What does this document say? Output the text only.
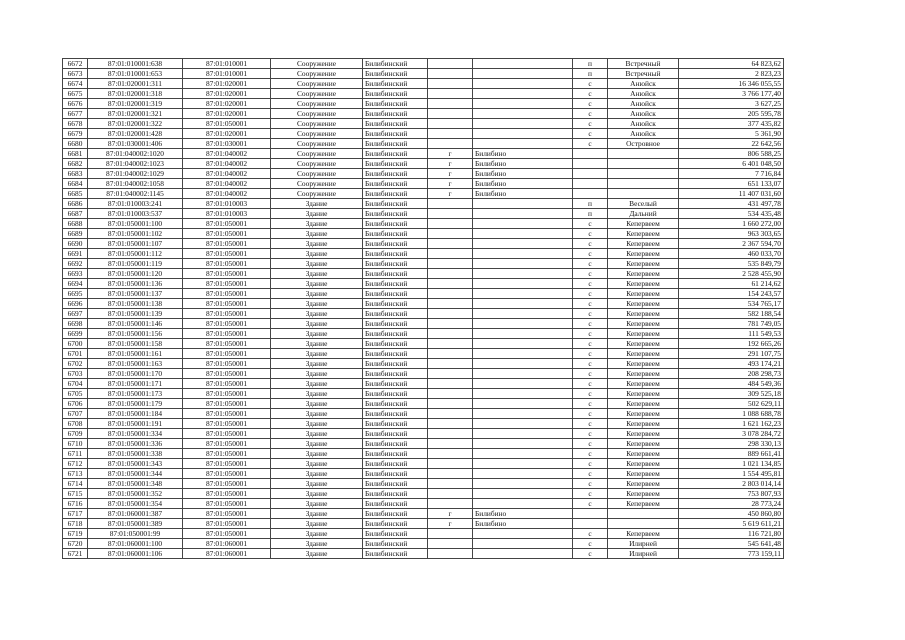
6672	87:01:010001:638	87:01:010001	Сооружение	Билибинский			п	Встречный	64 823,62
6673	87:01:010001:653	87:01:010001	Сооружение	Билибинский			п	Встречный	2 823,23
6674	87:01:020001:311	87:01:020001	Сооружение	Билибинский			с	Анюйск	16 346 055,55
6675	87:01:020001:318	87:01:020001	Сооружение	Билибинский			с	Анюйск	3 766 177,40
6676	87:01:020001:319	87:01:020001	Сооружение	Билибинский			с	Анюйск	3 627,25
6677	87:01:020001:321	87:01:020001	Сооружение	Билибинский			с	Анюйск	205 595,78
6678	87:01:020001:322	87:01:050001	Сооружение	Билибинский			с	Анюйск	377 435,82
6679	87:01:020001:428	87:01:020001	Сооружение	Билибинский			с	Анюйск	5 361,90
6680	87:01:030001:406	87:01:030001	Сооружение	Билибинский			с	Островное	22 642,56
6681	87:01:040002:1020	87:01:040002	Сооружение	Билибинский	г	Билибино			806 588,25
6682	87:01:040002:1023	87:01:040002	Сооружение	Билибинский	г	Билибино			6 401 048,50
6683	87:01:040002:1029	87:01:040002	Сооружение	Билибинский	г	Билибино			7 716,84
6684	87:01:040002:1058	87:01:040002	Сооружение	Билибинский	г	Билибино			651 133,07
6685	87:01:040002:1145	87:01:040002	Сооружение	Билибинский	г	Билибино			11 407 031,60
6686	87:01:010003:241	87:01:010003	Здание	Билибинский			п	Веселый	431 497,78
6687	87:01:010003:537	87:01:010003	Здание	Билибинский			п	Дальний	534 435,48
6688	87:01:050001:100	87:01:050001	Здание	Билибинский			с	Кепервеем	1 660 272,00
6689	87:01:050001:102	87:01:050001	Здание	Билибинский			с	Кепервеем	963 303,65
6690	87:01:050001:107	87:01:050001	Здание	Билибинский			с	Кепервеем	2 367 594,70
6691	87:01:050001:112	87:01:050001	Здание	Билибинский			с	Кепервеем	460 033,70
6692	87:01:050001:119	87:01:050001	Здание	Билибинский			с	Кепервеем	535 849,79
6693	87:01:050001:120	87:01:050001	Здание	Билибинский			с	Кепервеем	2 528 455,90
6694	87:01:050001:136	87:01:050001	Здание	Билибинский			с	Кепервеем	61 214,62
6695	87:01:050001:137	87:01:050001	Здание	Билибинский			с	Кепервеем	154 243,57
6696	87:01:050001:138	87:01:050001	Здание	Билибинский			с	Кепервеем	534 765,17
6697	87:01:050001:139	87:01:050001	Здание	Билибинский			с	Кепервеем	582 188,54
6698	87:01:050001:146	87:01:050001	Здание	Билибинский			с	Кепервеем	781 749,05
6699	87:01:050001:156	87:01:050001	Здание	Билибинский			с	Кепервеем	111 549,53
6700	87:01:050001:158	87:01:050001	Здание	Билибинский			с	Кепервеем	192 665,26
6701	87:01:050001:161	87:01:050001	Здание	Билибинский			с	Кепервеем	291 107,75
6702	87:01:050001:163	87:01:050001	Здание	Билибинский			с	Кепервеем	493 174,21
6703	87:01:050001:170	87:01:050001	Здание	Билибинский			с	Кепервеем	208 298,73
6704	87:01:050001:171	87:01:050001	Здание	Билибинский			с	Кепервеем	484 549,36
6705	87:01:050001:173	87:01:050001	Здание	Билибинский			с	Кепервеем	309 525,18
6706	87:01:050001:179	87:01:050001	Здание	Билибинский			с	Кепервеем	502 629,11
6707	87:01:050001:184	87:01:050001	Здание	Билибинский			с	Кепервеем	1 088 688,78
6708	87:01:050001:191	87:01:050001	Здание	Билибинский			с	Кепервеем	1 621 162,23
6709	87:01:050001:334	87:01:050001	Здание	Билибинский			с	Кепервеем	3 078 284,72
6710	87:01:050001:336	87:01:050001	Здание	Билибинский			с	Кепервеем	298 330,13
6711	87:01:050001:338	87:01:050001	Здание	Билибинский			с	Кепервеем	889 661,41
6712	87:01:050001:343	87:01:050001	Здание	Билибинский			с	Кепервеем	1 021 134,85
6713	87:01:050001:344	87:01:050001	Здание	Билибинский			с	Кепервеем	1 554 495,81
6714	87:01:050001:348	87:01:050001	Здание	Билибинский			с	Кепервеем	2 803 014,14
6715	87:01:050001:352	87:01:050001	Здание	Билибинский			с	Кепервеем	753 807,93
6716	87:01:050001:354	87:01:050001	Здание	Билибинский			с	Кепервеем	28 773,24
6717	87:01:060001:387	87:01:050001	Здание	Билибинский	г	Билибино			450 860,80
6718	87:01:050001:389	87:01:050001	Здание	Билибинский	г	Билибино			5 619 611,21
6719	87:01:050001:99	87:01:050001	Здание	Билибинский			с	Кепервеем	116 721,80
6720	87:01:060001:100	87:01:060001	Здание	Билибинский			с	Илирней	545 641,48
6721	87:01:060001:106	87:01:060001	Здание	Билибинский			с	Илирней	773 159,11
